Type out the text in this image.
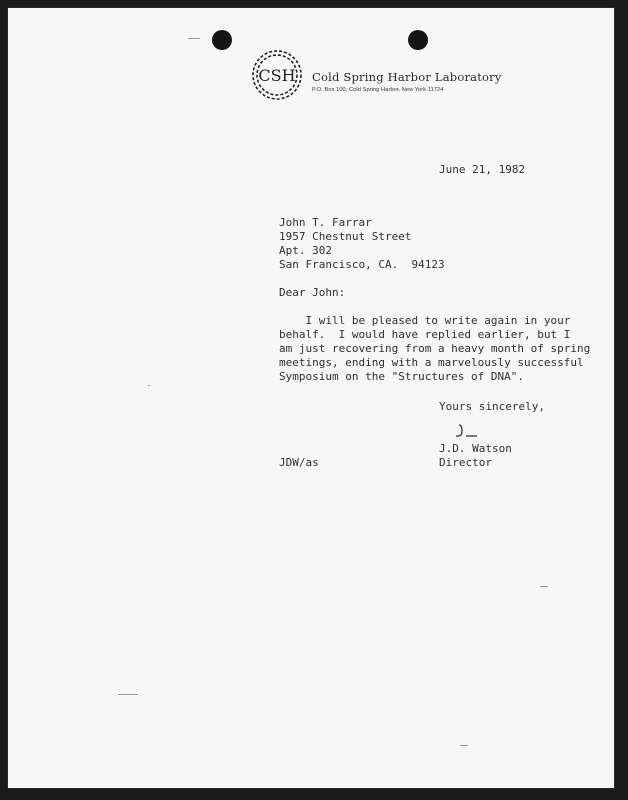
CSH Cold Spring Harbor Laboratory
P.O. Box 100, Cold Spring Harbor, New York 11724
June 21, 1982
John T. Farrar
1957 Chestnut Street
Apt. 302
San Francisco, CA.  94123
Dear John:
I will be pleased to write again in your
behalf.  I would have replied earlier, but I
am just recovering from a heavy month of spring
meetings, ending with a marvelously successful
Symposium on the "Structures of DNA".
Yours sincerely,
J.D. Watson
Director
JDW/as
